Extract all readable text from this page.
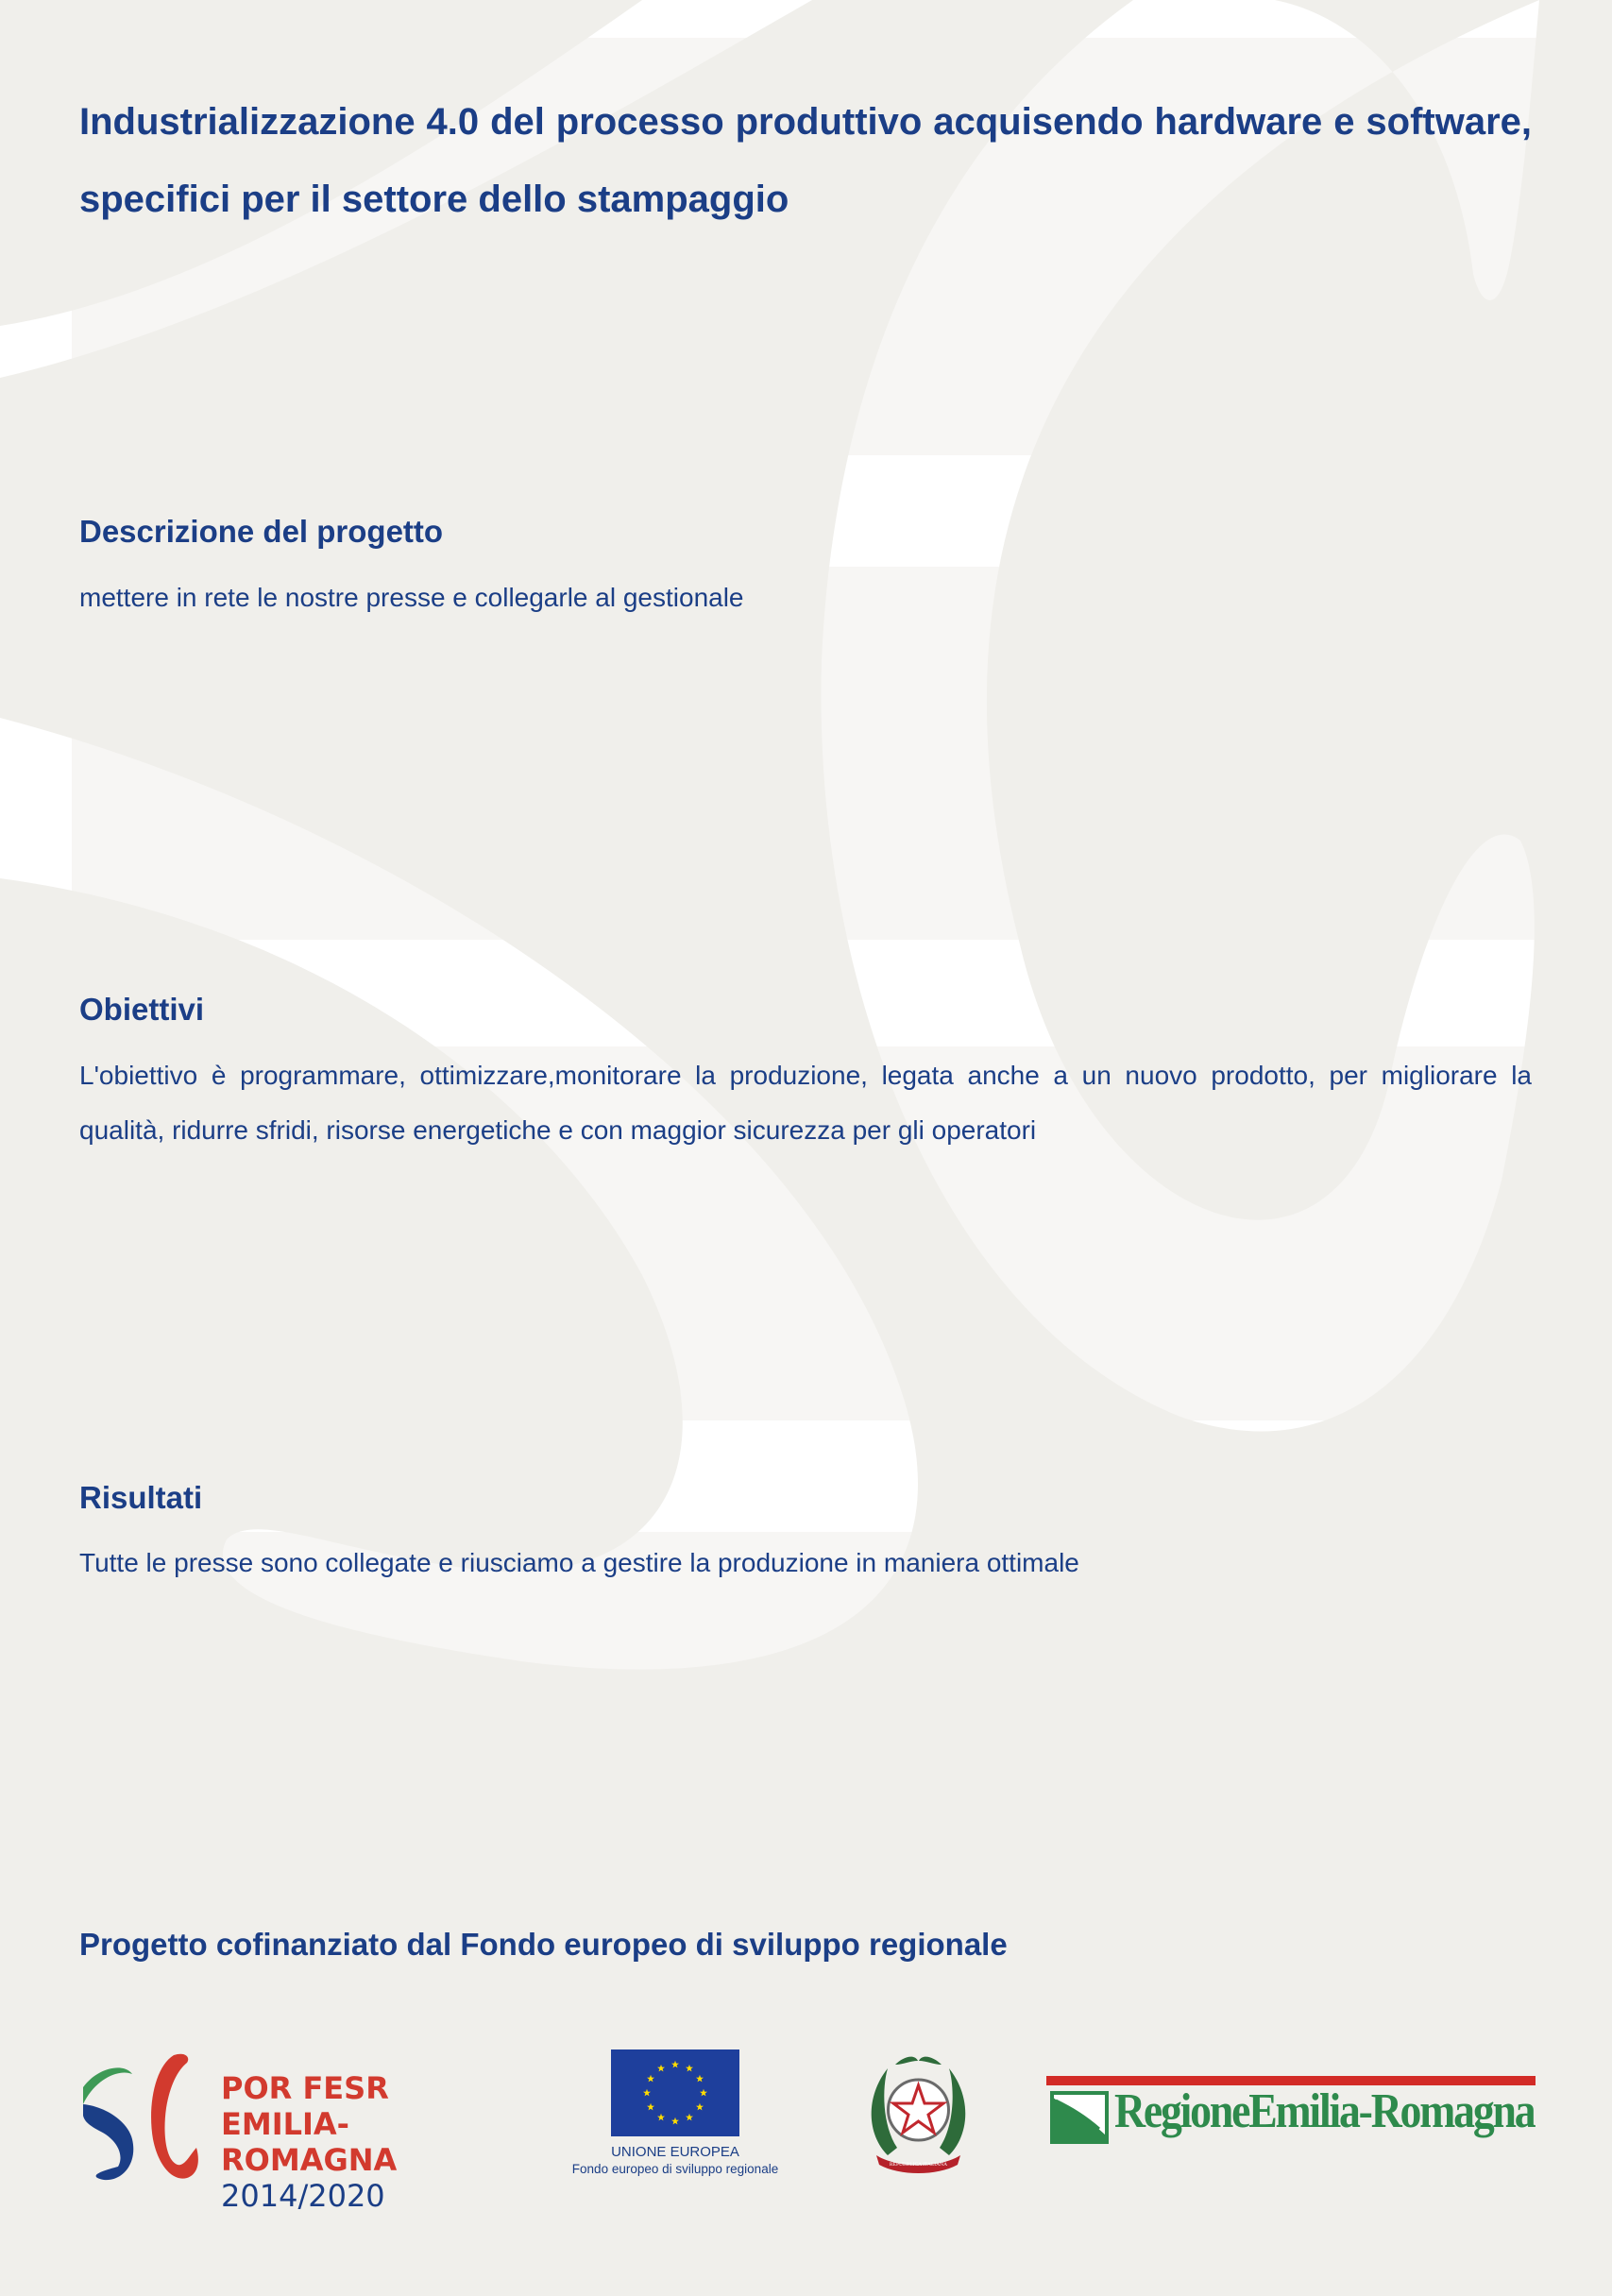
Industrializzazione 4.0 del processo produttivo acquisendo hardware e software, specifici per il settore dello stampaggio
Descrizione del progetto

mettere in rete le nostre presse e collegarle al gestionale

Obiettivi

L'obiettivo è programmare, ottimizzare,monitorare la produzione, legata anche a un nuovo prodotto, per migliorare la qualità, ridurre sfridi, risorse energetiche e con maggior sicurezza per gli operatori

Risultati

Tutte le presse sono collegate e riusciamo a gestire la produzione in maniera ottimale

Progetto cofinanziato dal Fondo europeo di sviluppo regionale

POR FESR
EMILIA-ROMAGNA
2014/2020
UNIONE EUROPEA
Fondo europeo di sviluppo regionale	REPUBBLICA ITALIANA
RegioneEmilia-Romagna
